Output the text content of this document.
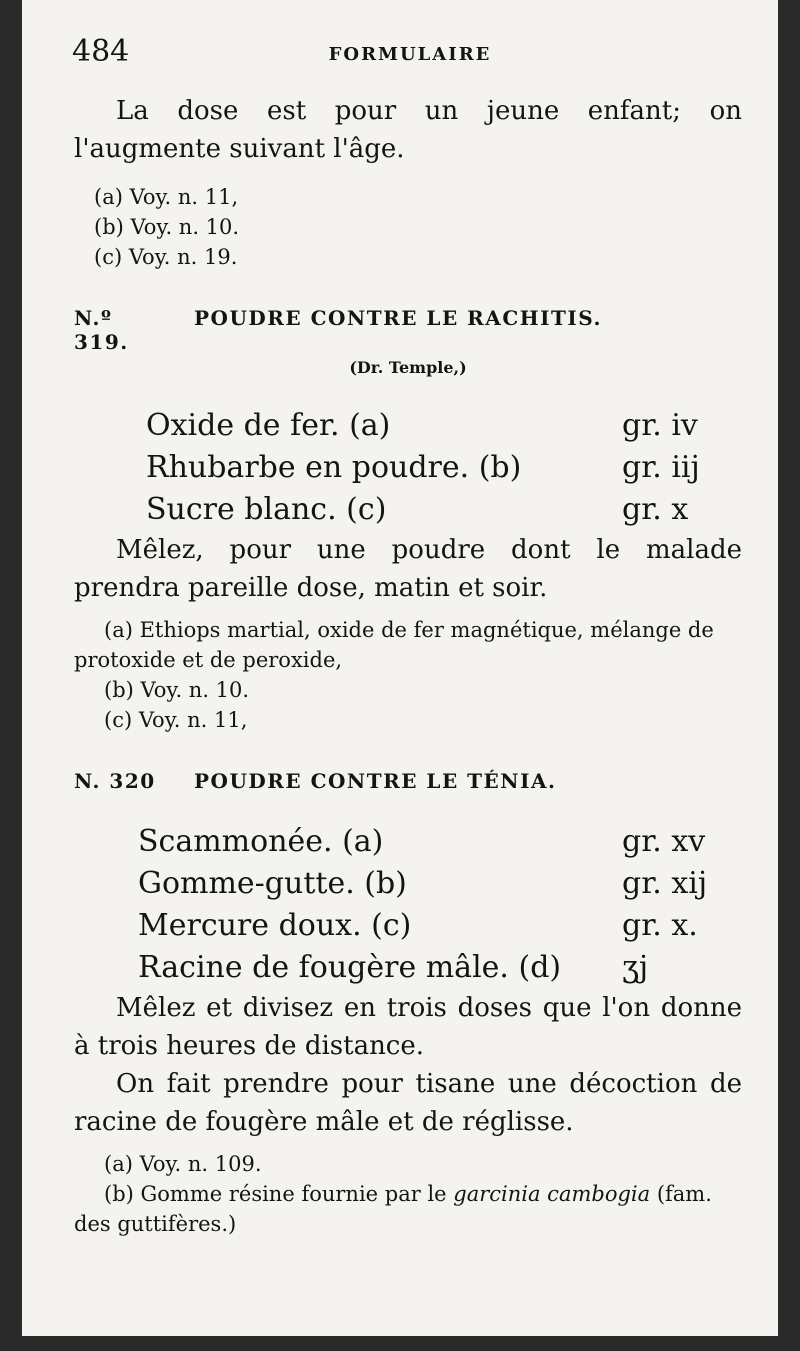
484	FORMULAIRE

La dose est pour un jeune enfant; on l'augmente suivant l'âge.

(a) Voy. n. 11,
(b) Voy. n. 10.
(c) Voy. n. 19.
N.º 319.
POUDRE CONTRE LE RACHITIS.
(Dr. Temple,)
Oxide de fer. (a)	gr. iv
Rhubarbe en poudre. (b)	gr. iij
Sucre blanc. (c)	gr. x

Mêlez, pour une poudre dont le malade prendra pareille dose, matin et soir.

(a) Ethiops martial, oxide de fer magnétique, mélange de protoxide et de peroxide,

(b) Voy. n. 10.

(c) Voy. n. 11,

N. 320	POUDRE CONTRE LE TÉNIA.
Scammonée. (a)	gr. xv
Gomme-gutte. (b)	gr. xij
Mercure doux. (c)	gr. x.
Racine de fougère mâle. (d)	ʒj

Mêlez et divisez en trois doses que l'on donne à trois heures de distance.

On fait prendre pour tisane une décoction de racine de fougère mâle et de réglisse.

(a) Voy. n. 109.

(b) Gomme résine fournie par le garcinia cambogia (fam. des guttifères.)
